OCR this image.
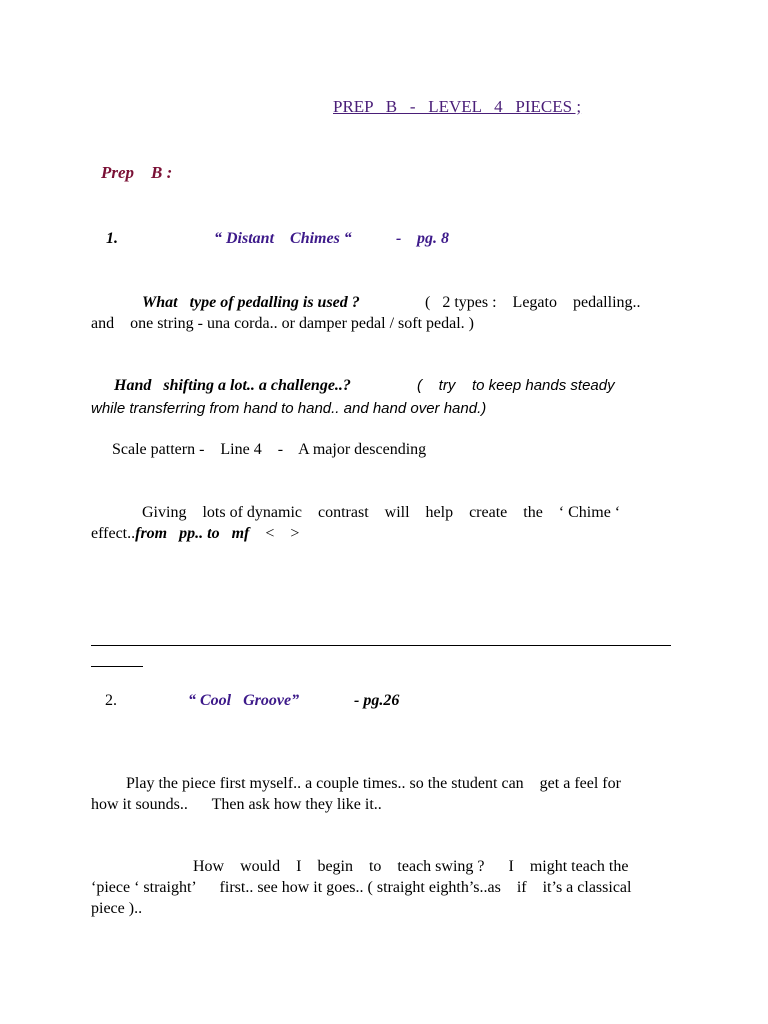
PREP   B   -   LEVEL   4   PIECES ;
Prep    B :
1.	“ Distant    Chimes “	- pg. 8
What   type of pedalling is used ?	(   2 types :    Legato    pedalling..
and    one string - una corda.. or damper pedal / soft pedal. )
Hand   shifting a lot.. a challenge..?	(    try    to keep hands steady
while transferring from hand to hand.. and hand over hand.)
Scale pattern -    Line 4    -    A major descending
Giving    lots of dynamic    contrast    will    help    create    the    ‘ Chime ‘
effect..from   pp.. to   mf <    >
2.	“ Cool   Groove”	- pg.26
Play the piece first myself.. a couple times.. so the student can    get a feel for
how it sounds..      Then ask how they like it..
How    would    I    begin    to    teach swing ?      I    might teach the
‘piece ‘ straight’      first.. see how it goes.. ( straight eighth’s..as    if    it’s a classical
piece )..
